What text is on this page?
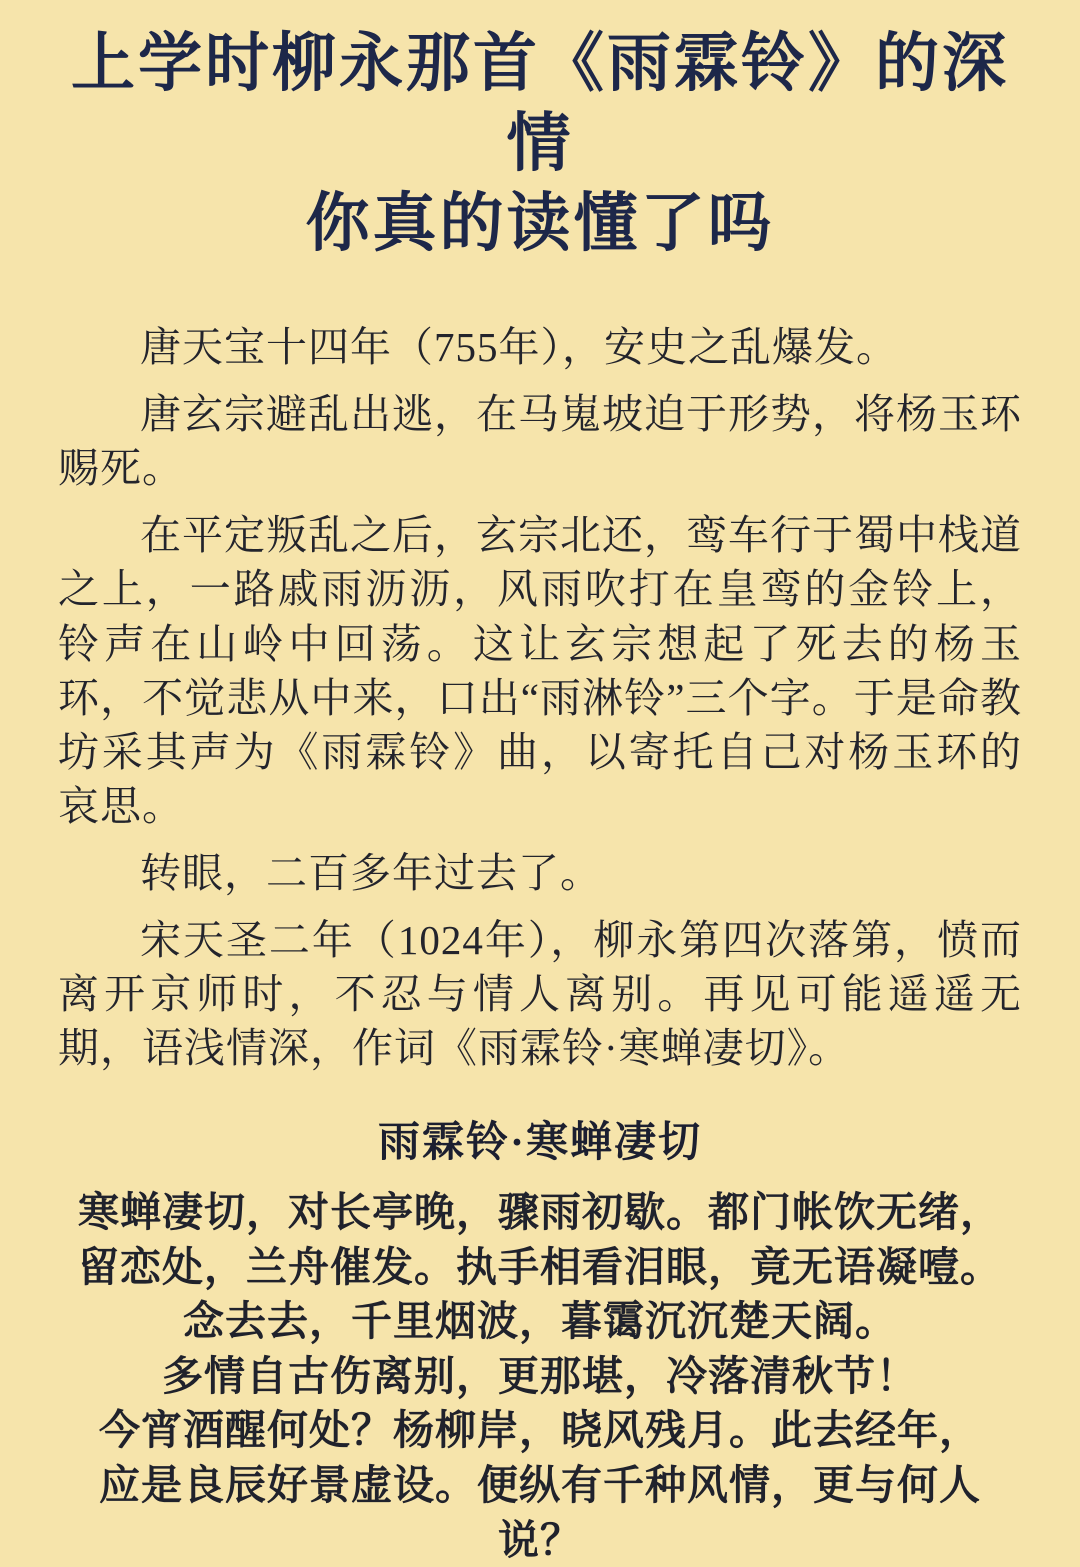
上学时柳永那首《雨霖铃》的深情
你真的读懂了吗

唐天宝十四年（755年），安史之乱爆发。

唐玄宗避乱出逃，在马嵬坡迫于形势，将杨玉环赐死。

在平定叛乱之后，玄宗北还，鸾车行于蜀中栈道之上，一路戚雨沥沥，风雨吹打在皇鸾的金铃上，铃声在山岭中回荡。这让玄宗想起了死去的杨玉环，不觉悲从中来，口出“雨淋铃”三个字。于是命教坊采其声为《雨霖铃》曲，以寄托自己对杨玉环的哀思。

转眼，二百多年过去了。

宋天圣二年（1024年），柳永第四次落第，愤而离开京师时，不忍与情人离别。再见可能遥遥无期，语浅情深，作词《雨霖铃·寒蝉凄切》。

雨霖铃·寒蝉凄切

寒蝉凄切，对长亭晚，骤雨初歇。都门帐饮无绪，

留恋处，兰舟催发。执手相看泪眼，竟无语凝噎。

念去去，千里烟波，暮霭沉沉楚天阔。

多情自古伤离别，更那堪，冷落清秋节！

今宵酒醒何处？杨柳岸，晓风残月。此去经年，

应是良辰好景虚设。便纵有千种风情，更与何人说？
